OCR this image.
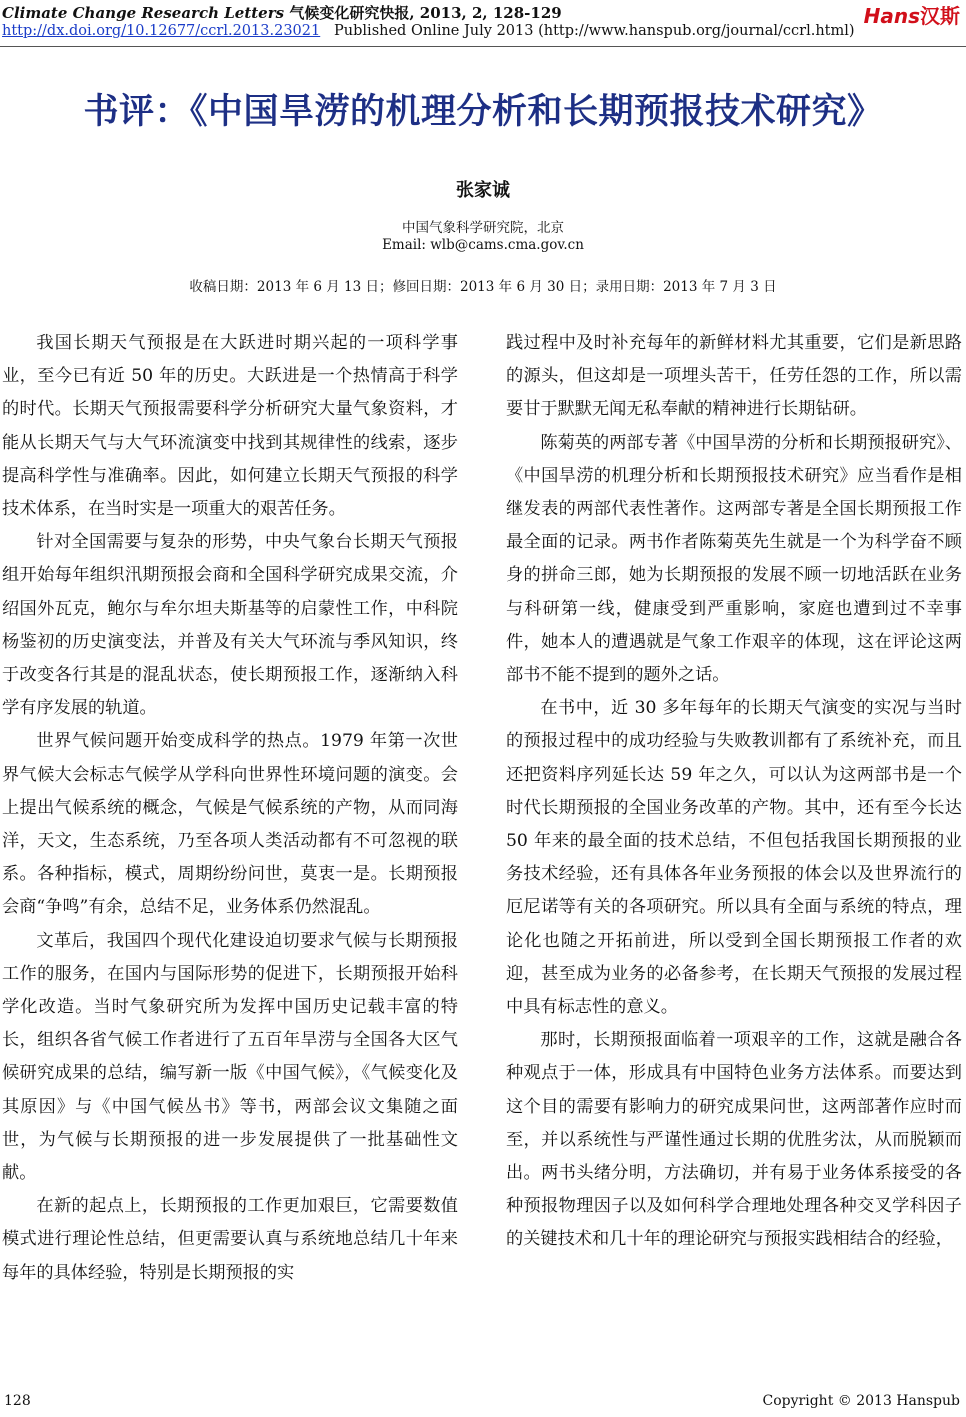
Climate Change Research Letters 气候变化研究快报, 2013, 2, 128-129
http://dx.doi.org/10.12677/ccrl.2013.23021 Published Online July 2013 (http://www.hanspub.org/journal/ccrl.html)
Hans汉斯
书评：《中国旱涝的机理分析和长期预报技术研究》
张家诚
中国气象科学研究院，北京
Email: wlb@cams.cma.gov.cn
收稿日期：2013 年 6 月 13 日；修回日期：2013 年 6 月 30 日；录用日期：2013 年 7 月 3 日

我国长期天气预报是在大跃进时期兴起的一项科学事业，至今已有近 50 年的历史。大跃进是一个热情高于科学的时代。长期天气预报需要科学分析研究大量气象资料，才能从长期天气与大气环流演变中找到其规律性的线索，逐步提高科学性与准确率。因此，如何建立长期天气预报的科学技术体系，在当时实是一项重大的艰苦任务。

针对全国需要与复杂的形势，中央气象台长期天气预报组开始每年组织汛期预报会商和全国科学研究成果交流，介绍国外瓦克，鲍尔与牟尔坦夫斯基等的启蒙性工作，中科院杨鉴初的历史演变法，并普及有关大气环流与季风知识，终于改变各行其是的混乱状态，使长期预报工作，逐渐纳入科学有序发展的轨道。

世界气候问题开始变成科学的热点。1979 年第一次世界气候大会标志气候学从学科向世界性环境问题的演变。会上提出气候系统的概念，气候是气候系统的产物，从而同海洋，天文，生态系统，乃至各项人类活动都有不可忽视的联系。各种指标，模式，周期纷纷问世，莫衷一是。长期预报会商“争鸣”有余，总结不足，业务体系仍然混乱。

文革后，我国四个现代化建设迫切要求气候与长期预报工作的服务，在国内与国际形势的促进下，长期预报开始科学化改造。当时气象研究所为发挥中国历史记载丰富的特长，组织各省气候工作者进行了五百年旱涝与全国各大区气候研究成果的总结，编写新一版《中国气候》，《气候变化及其原因》与《中国气候丛书》等书，两部会议文集随之面世，为气候与长期预报的进一步发展提供了一批基础性文献。

在新的起点上，长期预报的工作更加艰巨，它需要数值模式进行理论性总结，但更需要认真与系统地总结几十年来每年的具体经验，特别是长期预报的实

践过程中及时补充每年的新鲜材料尤其重要，它们是新思路的源头，但这却是一项埋头苦干，任劳任怨的工作，所以需要甘于默默无闻无私奉献的精神进行长期钻研。

陈菊英的两部专著《中国旱涝的分析和长期预报研究》、《中国旱涝的机理分析和长期预报技术研究》应当看作是相继发表的两部代表性著作。这两部专著是全国长期预报工作最全面的记录。两书作者陈菊英先生就是一个为科学奋不顾身的拼命三郎，她为长期预报的发展不顾一切地活跃在业务与科研第一线，健康受到严重影响，家庭也遭到过不幸事件，她本人的遭遇就是气象工作艰辛的体现，这在评论这两部书不能不提到的题外之话。

在书中，近 30 多年每年的长期天气演变的实况与当时的预报过程中的成功经验与失败教训都有了系统补充，而且还把资料序列延长达 59 年之久，可以认为这两部书是一个时代长期预报的全国业务改革的产物。其中，还有至今长达 50 年来的最全面的技术总结，不但包括我国长期预报的业务技术经验，还有具体各年业务预报的体会以及世界流行的厄尼诺等有关的各项研究。所以具有全面与系统的特点，理论化也随之开拓前进，所以受到全国长期预报工作者的欢迎，甚至成为业务的必备参考，在长期天气预报的发展过程中具有标志性的意义。

那时，长期预报面临着一项艰辛的工作，这就是融合各种观点于一体，形成具有中国特色业务方法体系。而要达到这个目的需要有影响力的研究成果问世，这两部著作应时而至，并以系统性与严谨性通过长期的优胜劣汰，从而脱颖而出。两书头绪分明，方法确切，并有易于业务体系接受的各种预报物理因子以及如何科学合理地处理各种交叉学科因子的关键技术和几十年的理论研究与预报实践相结合的经验，

128	Copyright © 2013 Hanspub
